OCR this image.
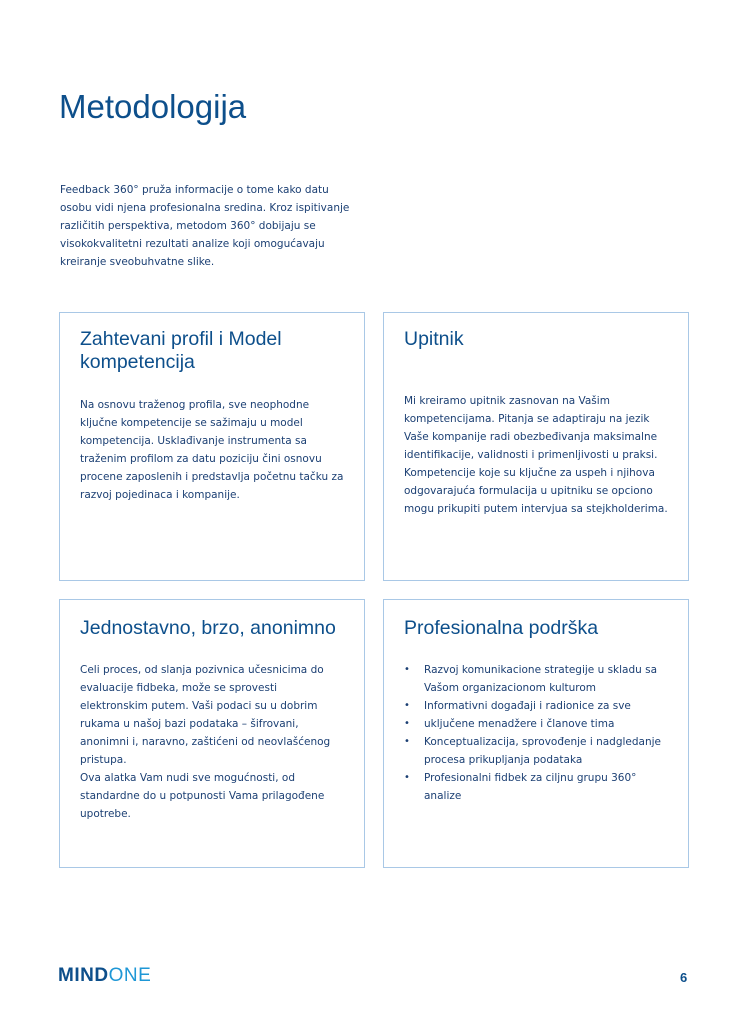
Metodologija

Feedback 360° pruža informacije o tome kako datu osobu vidi njena profesionalna sredina. Kroz ispitivanje različitih perspektiva, metodom 360° dobijaju se visokokvalitetni rezultati analize koji omogućavaju kreiranje sveobuhvatne slike.

Zahtevani profil i Model kompetencija

Na osnovu traženog profila, sve neophodne ključne kompetencije se sažimaju u model kompetencija. Usklađivanje instrumenta sa traženim profilom za datu poziciju čini osnovu procene zaposlenih i predstavlja početnu tačku za razvoj pojedinaca i kompanije.

Upitnik

Mi kreiramo upitnik zasnovan na Vašim kompetencijama. Pitanja se adaptiraju na jezik Vaše kompanije radi obezbeđivanja maksimalne identifikacije, validnosti i primenljivosti u praksi. Kompetencije koje su ključne za uspeh i njihova odgovarajuća formulacija u upitniku se opciono mogu prikupiti putem intervjua sa stejkholderima.

Jednostavno, brzo, anonimno

Celi proces, od slanja pozivnica učesnicima do evaluacije fidbeka, može se sprovesti elektronskim putem. Vaši podaci su u dobrim rukama u našoj bazi podataka – šifrovani, anonimni i, naravno, zaštićeni od neovlašćenog pristupa.

Ova alatka Vam nudi sve mogućnosti, od standardne do u potpunosti Vama prilagođene upotrebe.

Profesionalna podrška
• Razvoj komunikacione strategije u skladu sa Vašom organizacionom kulturom
• Informativni događaji i radionice za sve
• uključene menadžere i članove tima
• Konceptualizacija, sprovođenje i nadgledanje procesa prikupljanja podataka
• Profesionalni fidbek za ciljnu grupu 360° analize
MINDONE	6
